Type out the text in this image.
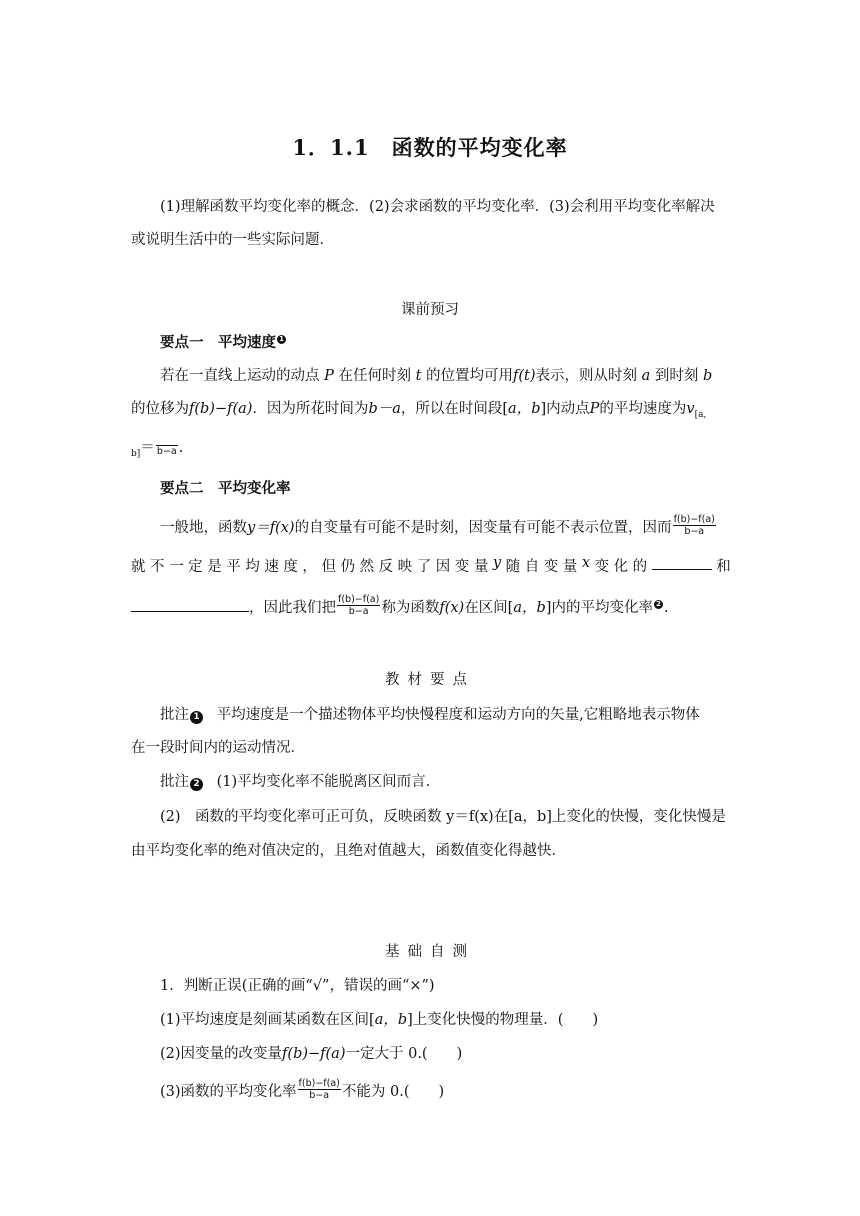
1．1.1　函数的平均变化率
(1)理解函数平均变化率的概念．(2)会求函数的平均变化率．(3)会利用平均变化率解决
或说明生活中的一些实际问题．
课前预习
要点一　平均速度 1
若在一直线上运动的动点 P 在任何时刻 t 的位置均可用f(t)表示，则从时刻 a 到时刻 b
的位移为f(b)−f(a)．因为所花时间为b－a，所以在时间段[a，b]内动点P的平均速度为$v_{[a,}$
$_{b]}$＝ b−a .
要点二　平均变化率
一般地，函数y＝f(x)的自变量有可能不是时刻，因变量有可能不表示位置，因而 $\frac{f(b)-f(a)}{b-a}$
就 不 一 定 是 平 均 速 度 ， 但 仍 然 反 映 了 因 变 量 y 随 自 变 量 x 变 化 的	和
，因此我们把 $\frac{f(b)-f(a)}{b-a}$ 称为函数f(x)在区间[a，b]内的平均变化率 2 .
教材要点
批注 1 平均速度是一个描述物体平均快慢程度和运动方向的矢量,它粗略地表示物体
在一段时间内的运动情况．
批注 2 (1)平均变化率不能脱离区间而言．
(2)　函数的平均变化率可正可负，反映函数 y＝f(x)在[a，b]上变化的快慢，变化快慢是
由平均变化率的绝对值决定的，且绝对值越大，函数值变化得越快．
基础自测
1．判断正误(正确的画“√”，错误的画“×”)
(1)平均速度是刻画某函数在区间[a，b]上变化快慢的物理量．(　　)
(2)因变量的改变量f(b)−f(a)一定大于 0.(　　)
(3)函数的平均变化率 $\frac{f(b)-f(a)}{b-a}$ 不能为 0.(　　)
